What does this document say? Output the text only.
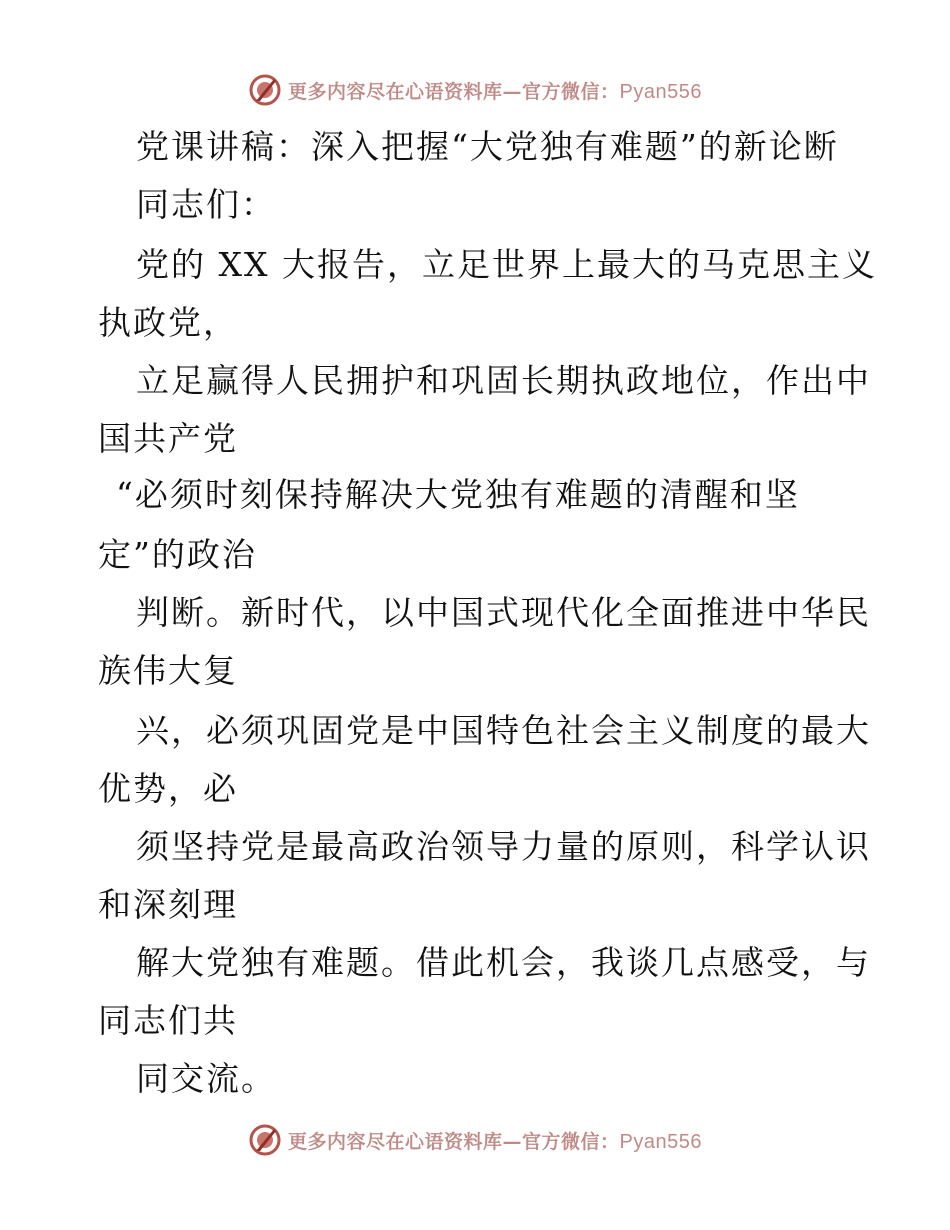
更多内容尽在心语资料库—官方微信：Pyan556
党课讲稿：深入把握“大党独有难题”的新论断
同志们：
党的 XX 大报告，立足世界上最大的马克思主义
执政党，
立足赢得人民拥护和巩固长期执政地位，作出中
国共产党
“必须时刻保持解决大党独有难题的清醒和坚
定”的政治
判断。新时代，以中国式现代化全面推进中华民
族伟大复
兴，必须巩固党是中国特色社会主义制度的最大
优势，必
须坚持党是最高政治领导力量的原则，科学认识
和深刻理
解大党独有难题。借此机会，我谈几点感受，与
同志们共
同交流。
更多内容尽在心语资料库—官方微信：Pyan556
